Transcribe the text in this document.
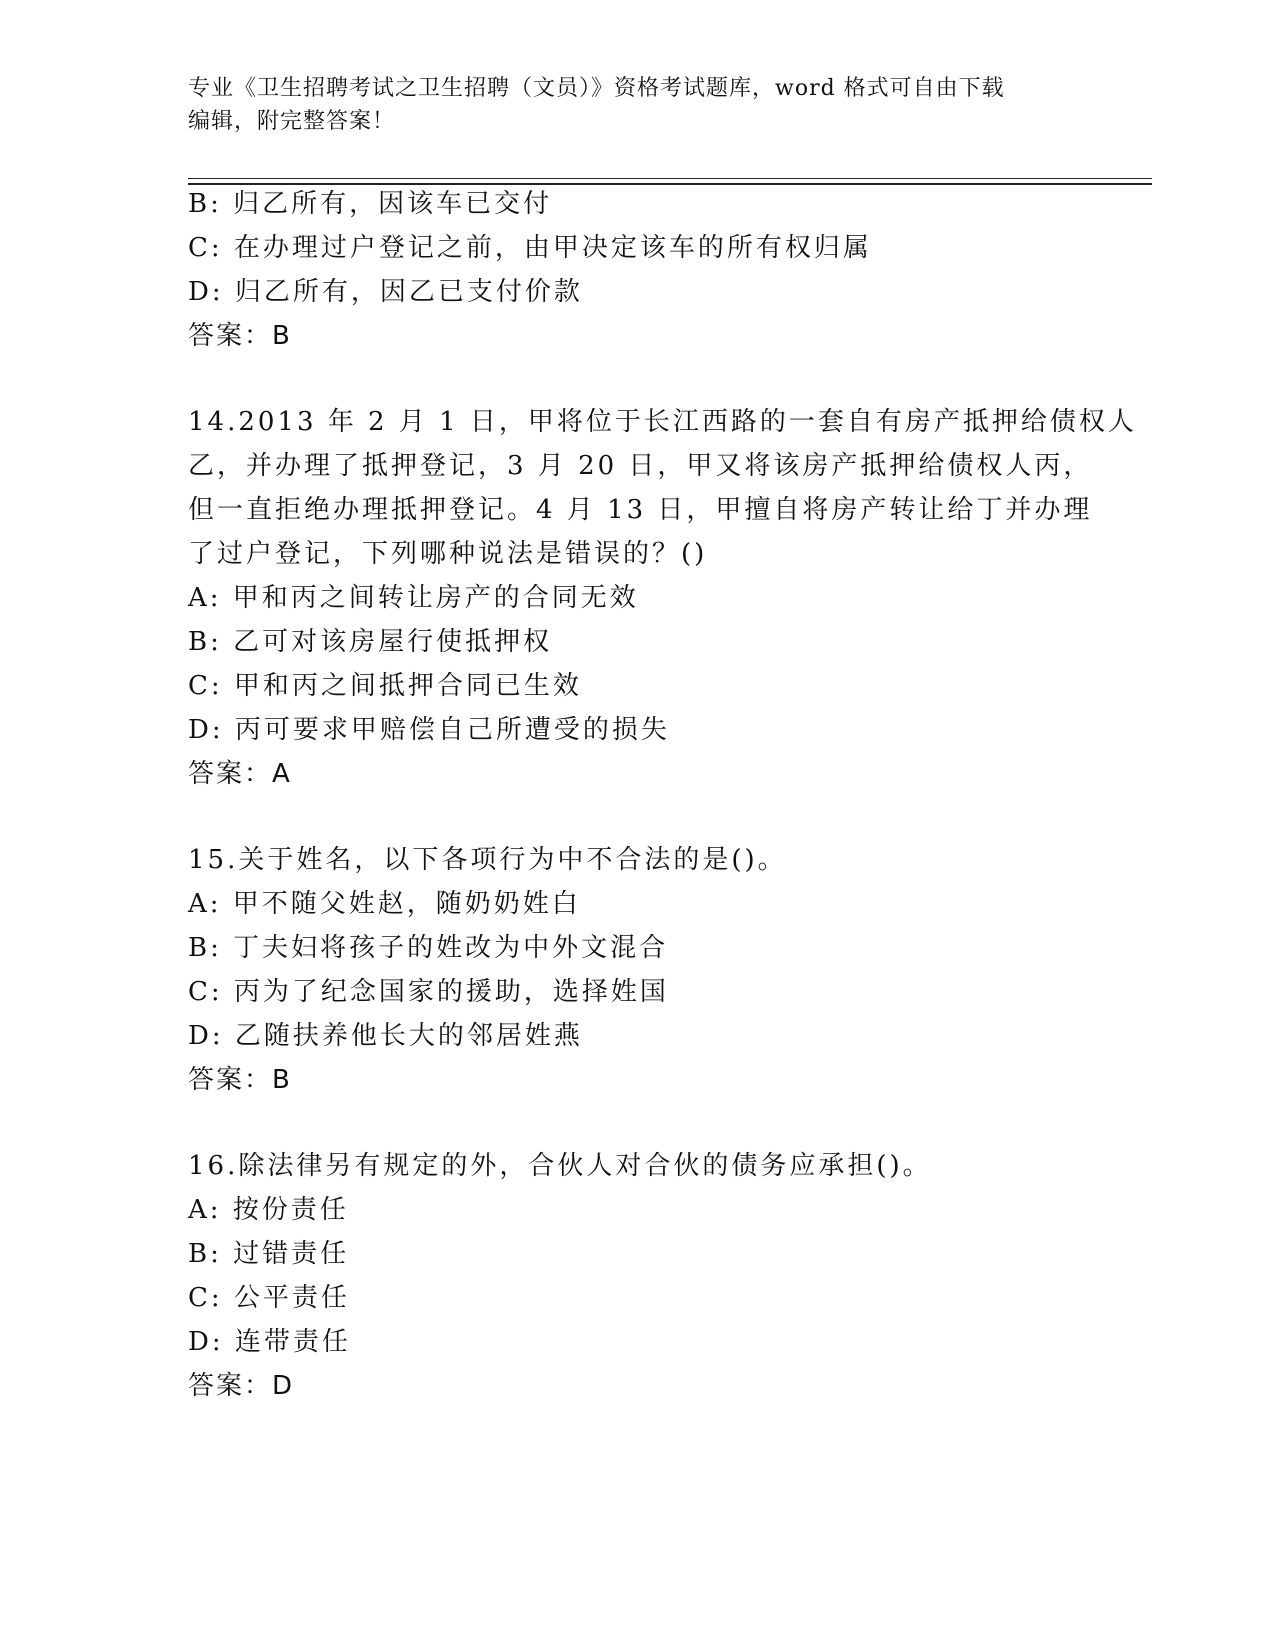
专业《卫生招聘考试之卫生招聘（文员）》资格考试题库，word 格式可自由下载
编辑，附完整答案！
B: 归乙所有，因该车已交付
C: 在办理过户登记之前，由甲决定该车的所有权归属
D: 归乙所有，因乙已支付价款
答案：B
14.2013 年 2 月 1 日，甲将位于长江西路的一套自有房产抵押给债权人
乙，并办理了抵押登记，3 月 20 日，甲又将该房产抵押给债权人丙，
但一直拒绝办理抵押登记。4 月 13 日，甲擅自将房产转让给丁并办理
了过户登记，下列哪种说法是错误的？()
A: 甲和丙之间转让房产的合同无效
B: 乙可对该房屋行使抵押权
C: 甲和丙之间抵押合同已生效
D: 丙可要求甲赔偿自己所遭受的损失
答案：A
15.关于姓名，以下各项行为中不合法的是()。
A: 甲不随父姓赵，随奶奶姓白
B: 丁夫妇将孩子的姓改为中外文混合
C: 丙为了纪念国家的援助，选择姓国
D: 乙随扶养他长大的邻居姓燕
答案：B
16.除法律另有规定的外，合伙人对合伙的债务应承担()。
A: 按份责任
B: 过错责任
C: 公平责任
D: 连带责任
答案：D
